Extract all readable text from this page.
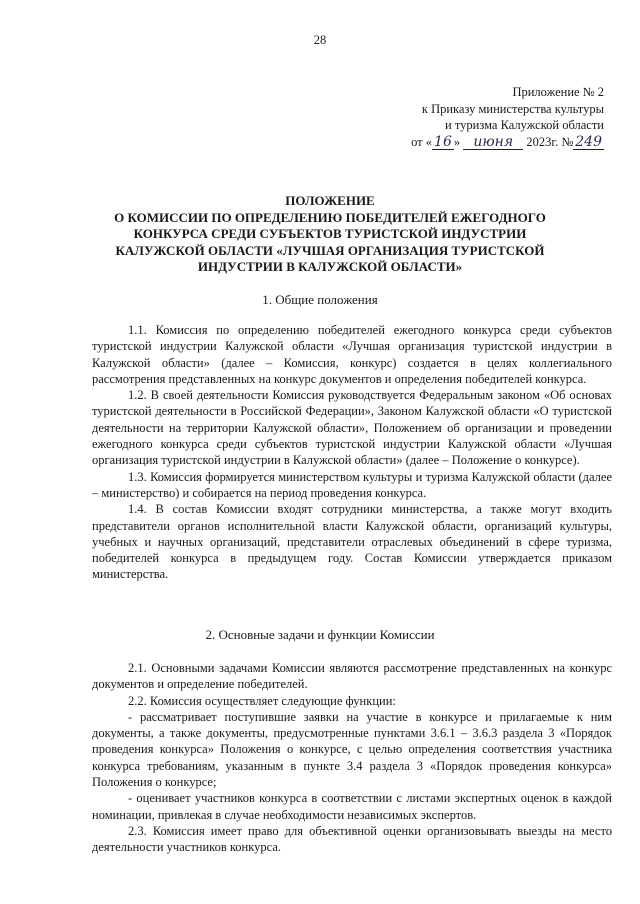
28
Приложение № 2
к Приказу министерства культуры
и туризма Калужской области
от « 16 » июня 2023г. № 249
ПОЛОЖЕНИЕ
О КОМИССИИ ПО ОПРЕДЕЛЕНИЮ ПОБЕДИТЕЛЕЙ ЕЖЕГОДНОГО
КОНКУРСА СРЕДИ СУБЪЕКТОВ ТУРИСТСКОЙ ИНДУСТРИИ
КАЛУЖСКОЙ ОБЛАСТИ «ЛУЧШАЯ ОРГАНИЗАЦИЯ ТУРИСТСКОЙ
ИНДУСТРИИ В КАЛУЖСКОЙ ОБЛАСТИ»
1. Общие положения

1.1. Комиссия по определению победителей ежегодного конкурса среди субъектов туристской индустрии Калужской области «Лучшая организация туристской индустрии в Калужской области» (далее – Комиссия, конкурс) создается в целях коллегиального рассмотрения представленных на конкурс документов и определения победителей конкурса.

1.2. В своей деятельности Комиссия руководствуется Федеральным законом «Об основах туристской деятельности в Российской Федерации», Законом Калужской области «О туристской деятельности на территории Калужской области», Положением об организации и проведении ежегодного конкурса среди субъектов туристской индустрии Калужской области «Лучшая организация туристской индустрии в Калужской области» (далее – Положение о конкурсе).

1.3. Комиссия формируется министерством культуры и туризма Калужской области (далее – министерство) и собирается на период проведения конкурса.

1.4. В состав Комиссии входят сотрудники министерства, а также могут входить представители органов исполнительной власти Калужской области, организаций культуры, учебных и научных организаций, представители отраслевых объединений в сфере туризма, победителей конкурса в предыдущем году. Состав Комиссии утверждается приказом министерства.

2. Основные задачи и функции Комиссии

2.1. Основными задачами Комиссии являются рассмотрение представленных на конкурс документов и определение победителей.

2.2. Комиссия осуществляет следующие функции:

- рассматривает поступившие заявки на участие в конкурсе и прилагаемые к ним документы, а также документы, предусмотренные пунктами 3.6.1 – 3.6.3 раздела 3 «Порядок проведения конкурса» Положения о конкурсе, с целью определения соответствия участника конкурса требованиям, указанным в пункте 3.4 раздела 3 «Порядок проведения конкурса» Положения о конкурсе;

- оценивает участников конкурса в соответствии с листами экспертных оценок в каждой номинации, привлекая в случае необходимости независимых экспертов.

2.3. Комиссия имеет право для объективной оценки организовывать выезды на место деятельности участников конкурса.
